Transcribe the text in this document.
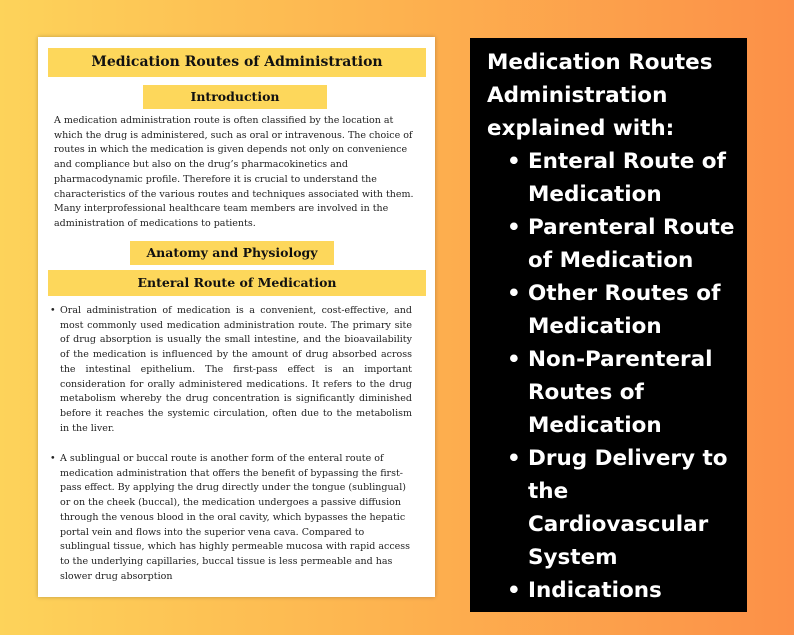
Medication Routes of Administration
Introduction

A medication administration route is often classified by the location at which the drug is administered, such as oral or intravenous. The choice of routes in which the medication is given depends not only on convenience and compliance but also on the drug’s pharmacokinetics and pharmacodynamic profile. Therefore it is crucial to understand the characteristics of the various routes and techniques associated with them. Many interprofessional healthcare team members are involved in the administration of medications to patients.

Anatomy and Physiology
Enteral Route of Medication
• Oral administration of medication is a convenient, cost-effective, and most commonly used medication administration route. The primary site of drug absorption is usually the small intestine, and the bioavailability of the medication is influenced by the amount of drug absorbed across the intestinal epithelium. The first-pass effect is an important consideration for orally administered medications. It refers to the drug metabolism whereby the drug concentration is significantly diminished before it reaches the systemic circulation, often due to the metabolism in the liver.
• A sublingual or buccal route is another form of the enteral route of medication administration that offers the benefit of bypassing the first-pass effect. By applying the drug directly under the tongue (sublingual) or on the cheek (buccal), the medication undergoes a passive diffusion through the venous blood in the oral cavity, which bypasses the hepatic portal vein and flows into the superior vena cava. Compared to sublingual tissue, which has highly permeable mucosa with rapid access to the underlying capillaries, buccal tissue is less permeable and has slower drug absorption

Medication Routes Administration explained with:

• Enteral Route of Medication
• Parenteral Route of Medication
• Other Routes of Medication
• Non-Parenteral Routes of Medication
• Drug Delivery to the Cardiovascular System
• Indications
